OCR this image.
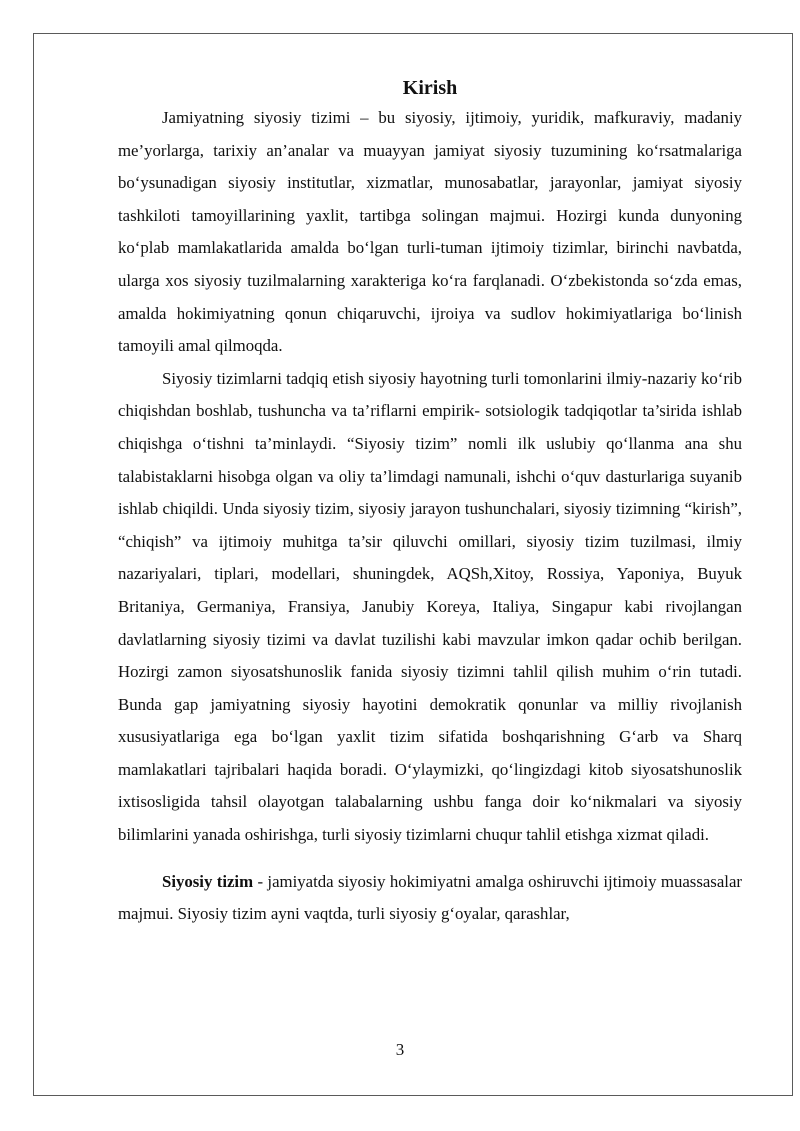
Kirish

Jamiyatning siyosiy tizimi – bu siyosiy, ijtimoiy, yuridik, mafkuraviy, madaniy me’yorlarga, tarixiy an’analar va muayyan jamiyat siyosiy tuzumining ko‘rsatmalariga bo‘ysunadigan siyosiy institutlar, xizmatlar, munosabatlar, jarayonlar, jamiyat siyosiy tashkiloti tamoyillarining yaxlit, tartibga solingan majmui. Hozirgi kunda dunyoning ko‘plab mamlakatlarida amalda bo‘lgan turli-tuman ijtimoiy tizimlar, birinchi navbatda, ularga xos siyosiy tuzilmalarning xarakteriga ko‘ra farqlanadi. O‘zbekistonda so‘zda emas, amalda hokimiyatning qonun chiqaruvchi, ijroiya va sudlov hokimiyatlariga bo‘linish tamoyili amal qilmoqda.

Siyosiy tizimlarni tadqiq etish siyosiy hayotning turli tomonlarini ilmiy-nazariy ko‘rib chiqishdan boshlab, tushuncha va ta’riflarni empirik- sotsiologik tadqiqotlar ta’sirida ishlab chiqishga o‘tishni ta’minlaydi. “Siyosiy tizim” nomli ilk uslubiy qo‘llanma ana shu talabistaklarni hisobga olgan va oliy ta’limdagi namunali, ishchi o‘quv dasturlariga suyanib ishlab chiqildi. Unda siyosiy tizim, siyosiy jarayon tushunchalari, siyosiy tizimning “kirish”, “chiqish” va ijtimoiy muhitga ta’sir qiluvchi omillari, siyosiy tizim tuzilmasi, ilmiy nazariyalari, tiplari, modellari, shuningdek, AQSh,Xitoy, Rossiya, Yaponiya, Buyuk Britaniya, Germaniya, Fransiya, Janubiy Koreya, Italiya, Singapur kabi rivojlangan davlatlarning siyosiy tizimi va davlat tuzilishi kabi mavzular imkon qadar ochib berilgan. Hozirgi zamon siyosatshunoslik fanida siyosiy tizimni tahlil qilish muhim o‘rin tutadi. Bunda gap jamiyatning siyosiy hayotini demokratik qonunlar va milliy rivojlanish xususiyatlariga ega bo‘lgan yaxlit tizim sifatida boshqarishning G‘arb va Sharq mamlakatlari tajribalari haqida boradi. O‘ylaymizki, qo‘lingizdagi kitob siyosatshunoslik ixtisosligida tahsil olayotgan talabalarning ushbu fanga doir ko‘nikmalari va siyosiy bilimlarini yanada oshirishga, turli siyosiy tizimlarni chuqur tahlil etishga xizmat qiladi.

Siyosiy tizim - jamiyatda siyosiy hokimiyatni amalga oshiruvchi ijtimoiy muassasalar majmui. Siyosiy tizim ayni vaqtda, turli siyosiy g‘oyalar, qarashlar,

3
